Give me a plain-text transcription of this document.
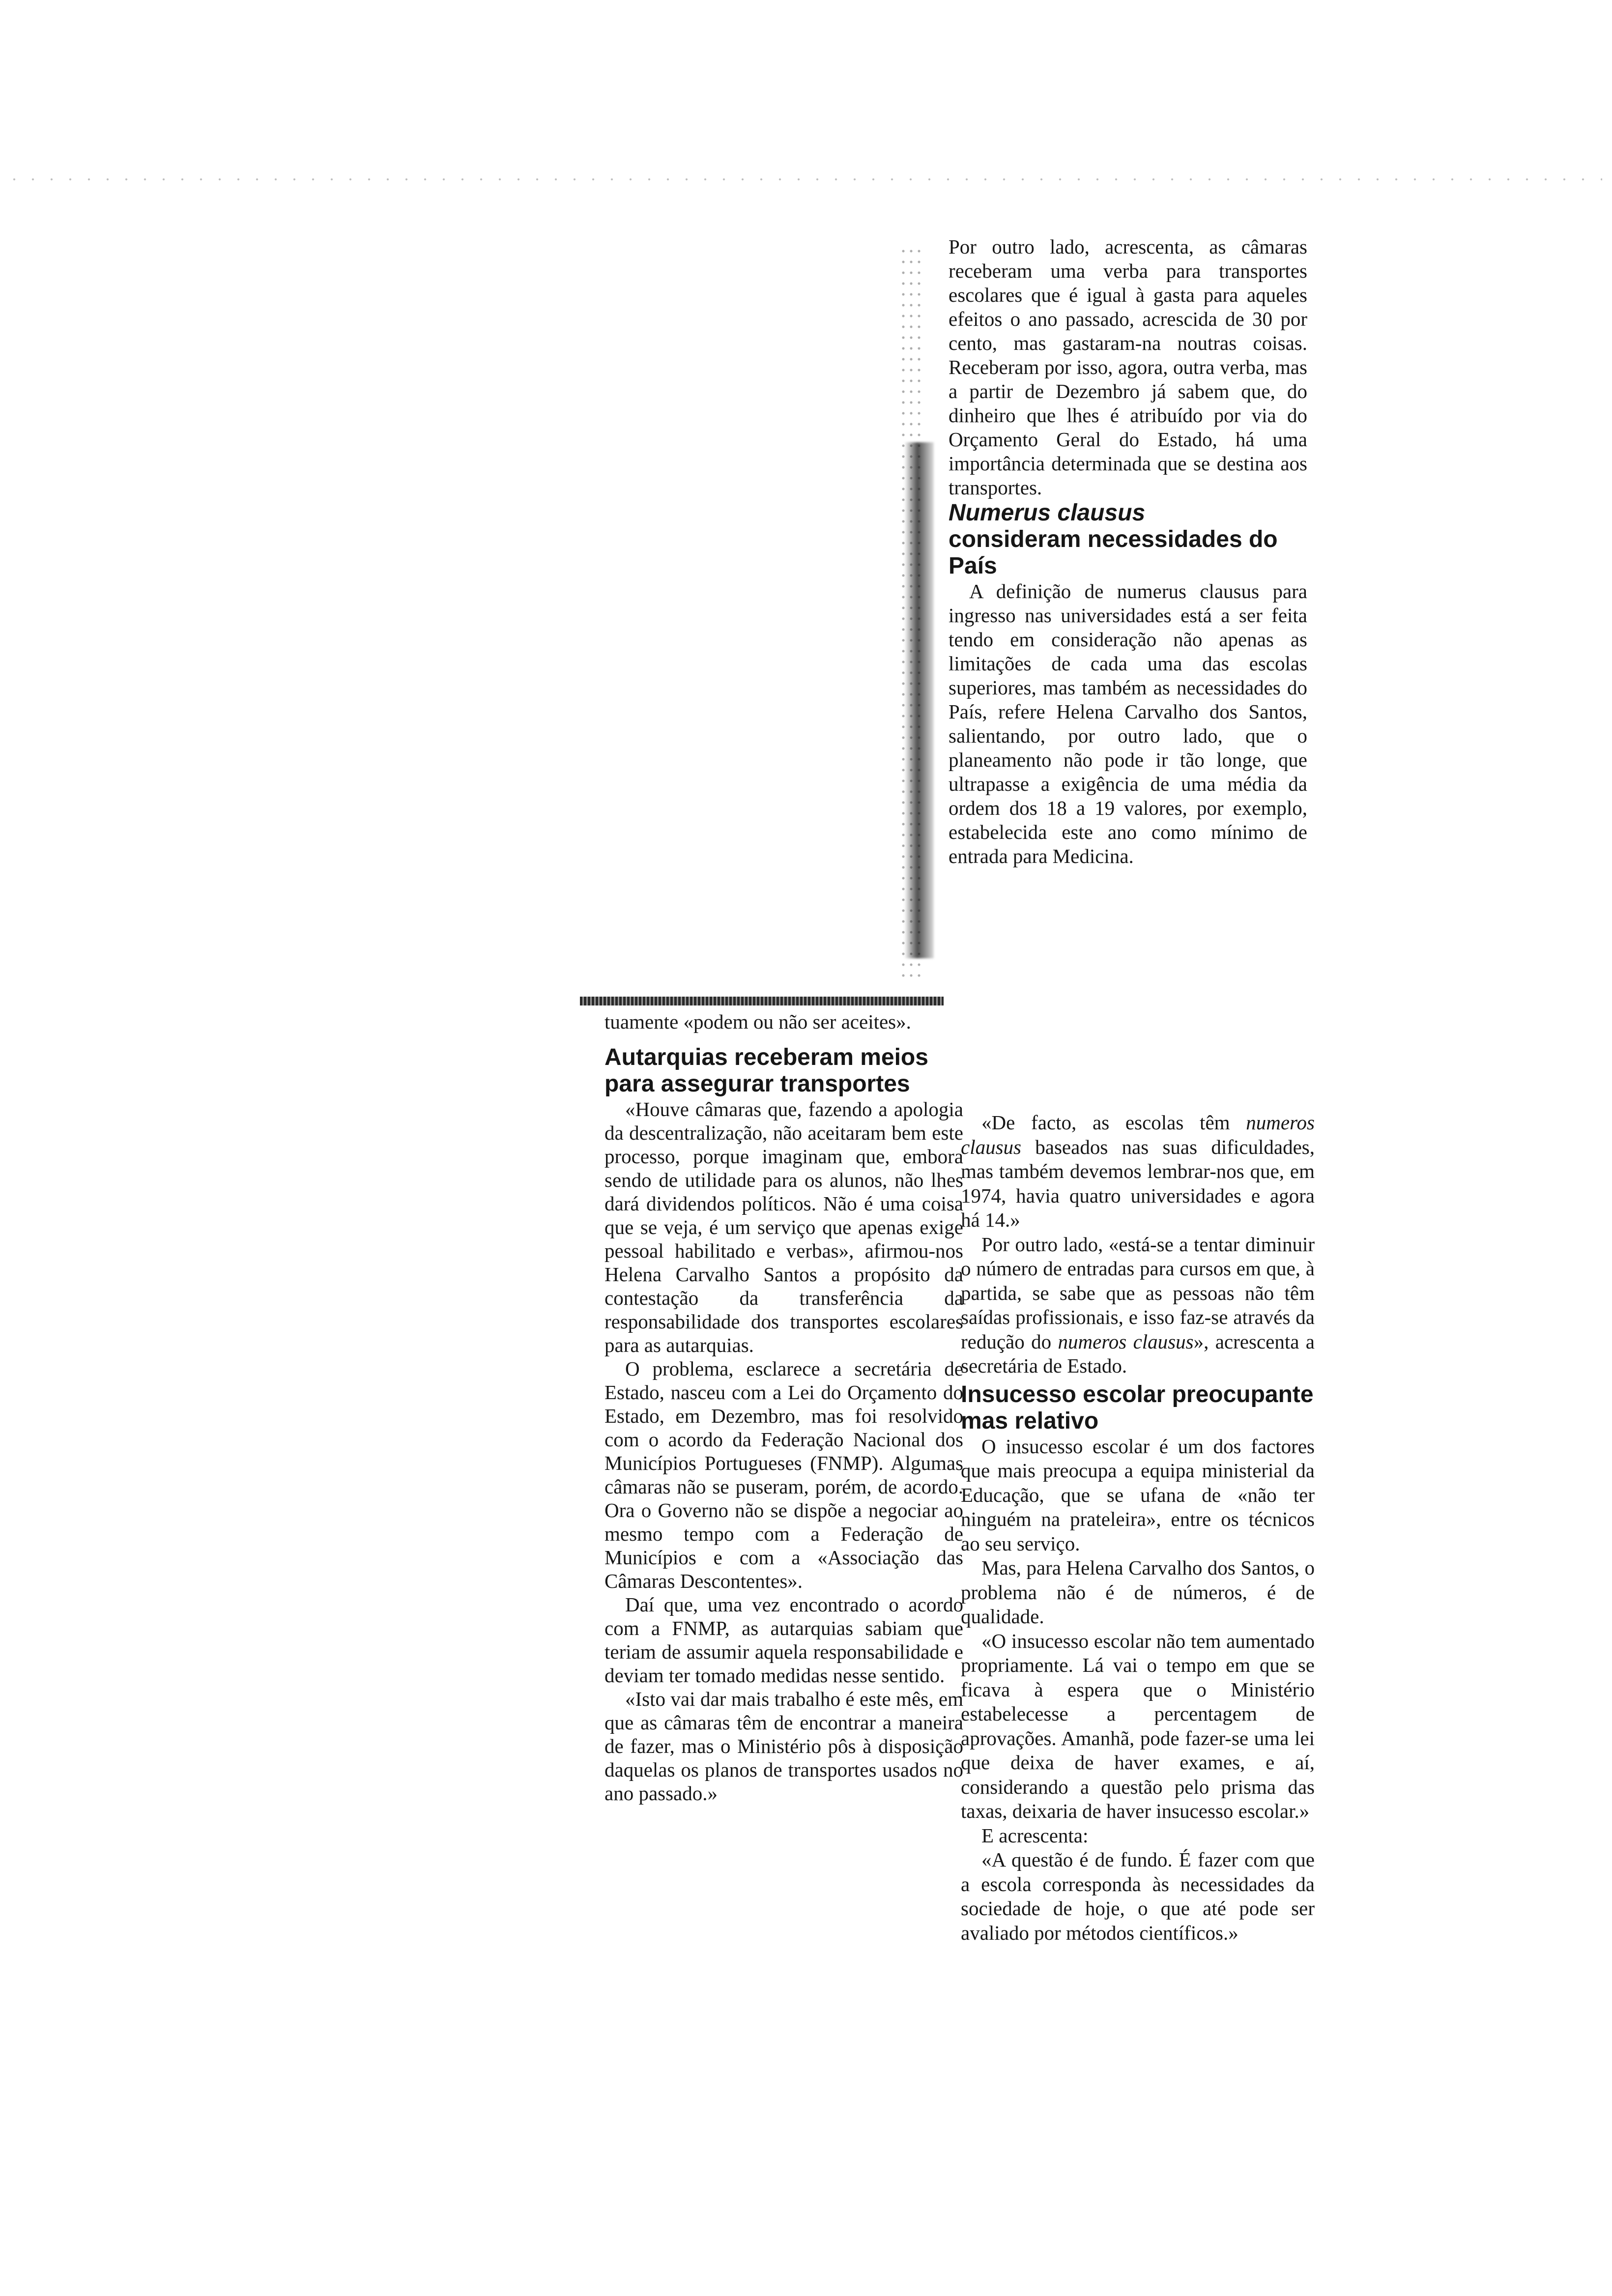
Por outro lado, acrescenta, as câmaras receberam uma verba para transportes escolares que é igual à gasta para aqueles efeitos o ano passado, acrescida de 30 por cento, mas gastaram-na noutras coisas. Receberam por isso, agora, outra verba, mas a partir de Dezembro já sabem que, do dinheiro que lhes é atribuído por via do Orçamento Geral do Estado, há uma importância determinada que se destina aos transportes.

Numerus clausus
consideram necessidades do País

A definição de numerus clausus para ingresso nas universidades está a ser feita tendo em consideração não apenas as limitações de cada uma das escolas superiores, mas também as necessidades do País, refere Helena Carvalho dos Santos, salientando, por outro lado, que o planeamento não pode ir tão longe, que ultrapasse a exigência de uma média da ordem dos 18 a 19 valores, por exemplo, estabelecida este ano como mínimo de entrada para Medicina.

tuamente «podem ou não ser aceites».

Autarquias receberam meios para assegurar transportes

«Houve câmaras que, fazendo a apologia da descentralização, não aceitaram bem este processo, porque imaginam que, embora sendo de utilidade para os alunos, não lhes dará dividendos políticos. Não é uma coisa que se veja, é um serviço que apenas exige pessoal habilitado e verbas», afirmou-nos Helena Carvalho Santos a propósito da contestação da transferência da responsabilidade dos transportes escolares para as autarquias.

O problema, esclarece a secretária de Estado, nasceu com a Lei do Orçamento do Estado, em Dezembro, mas foi resolvido com o acordo da Federação Nacional dos Municípios Portugueses (FNMP). Algumas câmaras não se puseram, porém, de acordo. Ora o Governo não se dispõe a negociar ao mesmo tempo com a Federação de Municípios e com a «Associação das Câmaras Descontentes».

Daí que, uma vez encontrado o acordo com a FNMP, as autarquias sabiam que teriam de assumir aquela responsabilidade e deviam ter tomado medidas nesse sentido.

«Isto vai dar mais trabalho é este mês, em que as câmaras têm de encontrar a maneira de fazer, mas o Ministério pôs à disposição daquelas os planos de transportes usados no ano passado.»

«De facto, as escolas têm numeros clausus baseados nas suas dificuldades, mas também devemos lembrar-nos que, em 1974, havia quatro universidades e agora há 14.»

Por outro lado, «está-se a tentar diminuir o número de entradas para cursos em que, à partida, se sabe que as pessoas não têm saídas profissionais, e isso faz-se através da redução do numeros clausus», acrescenta a secretária de Estado.

Insucesso escolar preocupante mas relativo

O insucesso escolar é um dos factores que mais preocupa a equipa ministerial da Educação, que se ufana de «não ter ninguém na prateleira», entre os técnicos ao seu serviço.

Mas, para Helena Carvalho dos Santos, o problema não é de números, é de qualidade.

«O insucesso escolar não tem aumentado propriamente. Lá vai o tempo em que se ficava à espera que o Ministério estabelecesse a percentagem de aprovações. Amanhã, pode fazer-se uma lei que deixa de haver exames, e aí, considerando a questão pelo prisma das taxas, deixaria de haver insucesso escolar.»

E acrescenta:

«A questão é de fundo. É fazer com que a escola corresponda às necessidades da sociedade de hoje, o que até pode ser avaliado por métodos científicos.»
